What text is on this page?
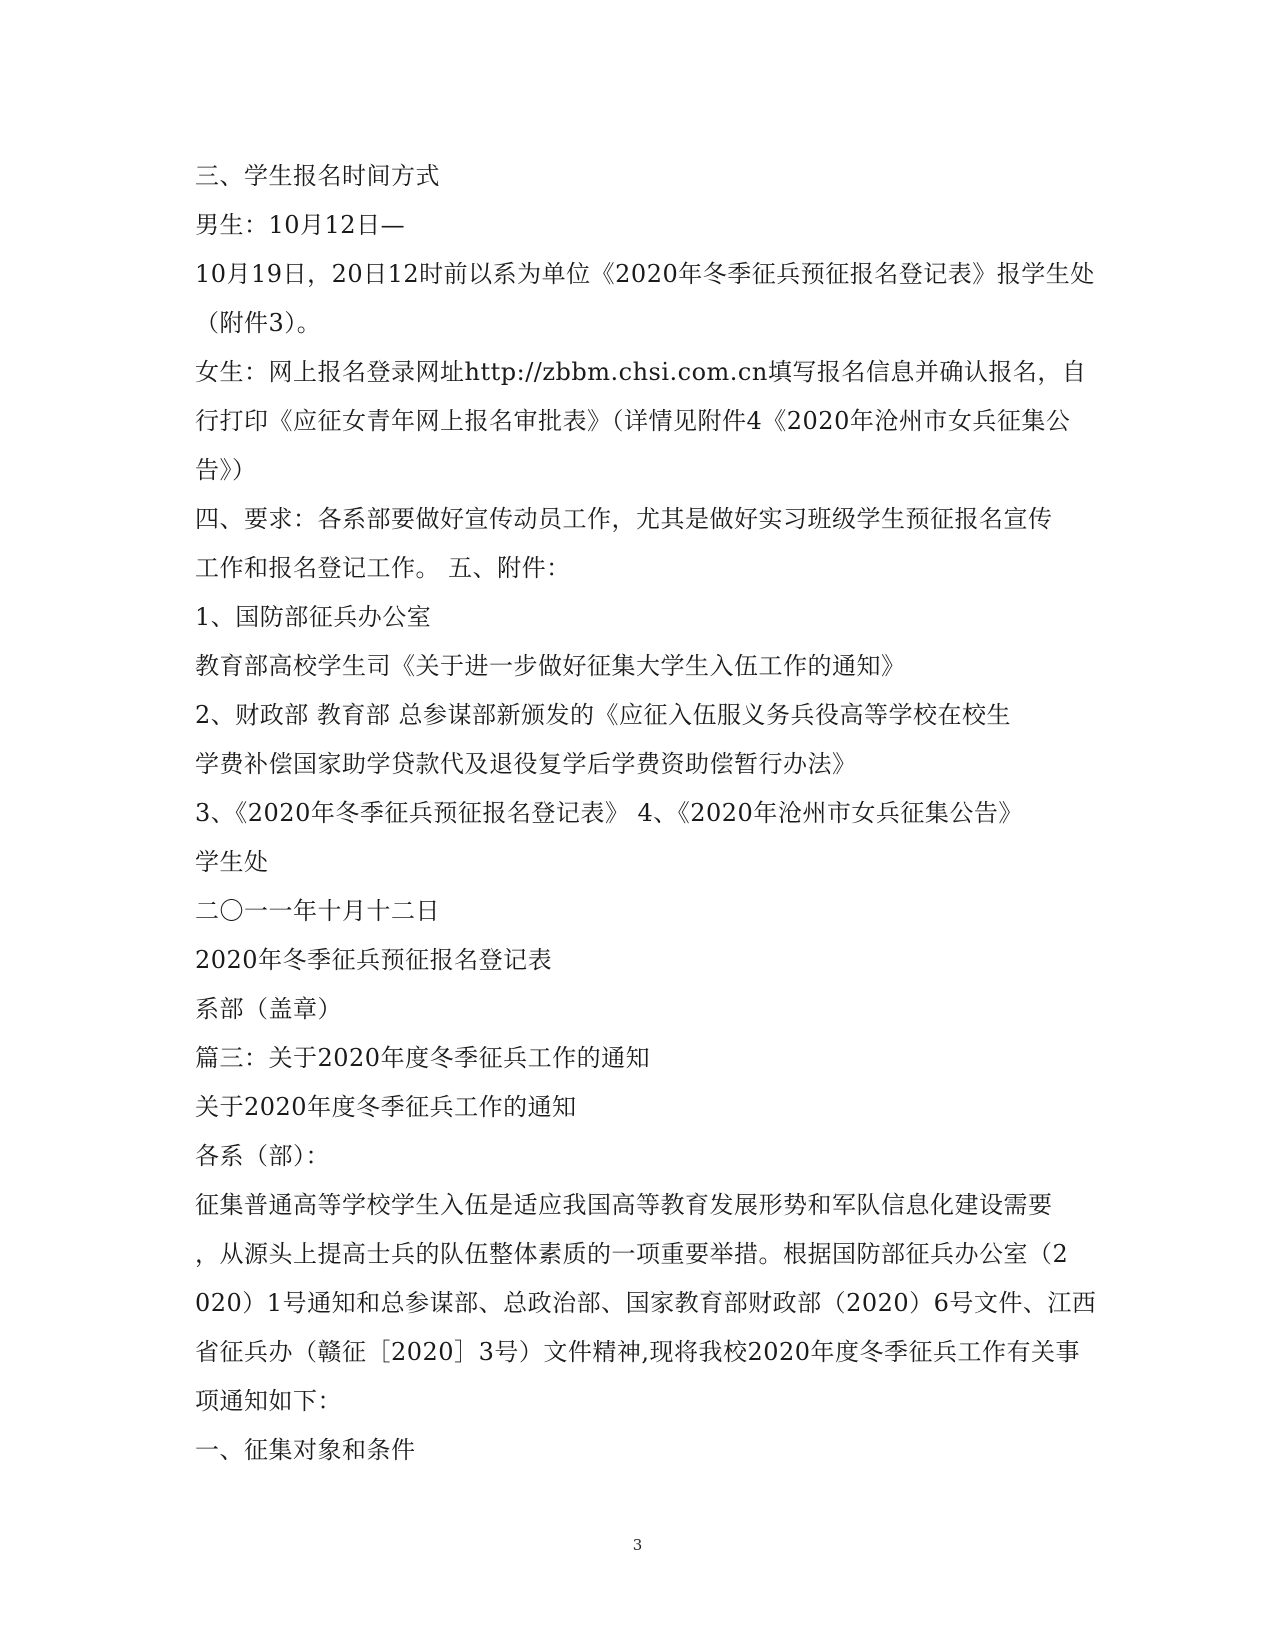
三、学生报名时间方式
男生：10月12日—
10月19日，20日12时前以系为单位《2020年冬季征兵预征报名登记表》报学生处
（附件3）。
女生：网上报名登录网址http://zbbm.chsi.com.cn填写报名信息并确认报名，自
行打印《应征女青年网上报名审批表》（详情见附件4《2020年沧州市女兵征集公
告》）
四、要求：各系部要做好宣传动员工作，尤其是做好实习班级学生预征报名宣传
工作和报名登记工作。 五、附件：
1、国防部征兵办公室
教育部高校学生司《关于进一步做好征集大学生入伍工作的通知》
2、财政部 教育部 总参谋部新颁发的《应征入伍服义务兵役高等学校在校生
学费补偿国家助学贷款代及退役复学后学费资助偿暂行办法》
3、《2020年冬季征兵预征报名登记表》 4、《2020年沧州市女兵征集公告》
学生处
二〇一一年十月十二日
2020年冬季征兵预征报名登记表
系部（盖章）
篇三：关于2020年度冬季征兵工作的通知
关于2020年度冬季征兵工作的通知
各系（部）：
征集普通高等学校学生入伍是适应我国高等教育发展形势和军队信息化建设需要
，从源头上提高士兵的队伍整体素质的一项重要举措。根据国防部征兵办公室（2
020）1号通知和总参谋部、总政治部、国家教育部财政部（2020）6号文件、江西
省征兵办（赣征［2020］3号）文件精神,现将我校2020年度冬季征兵工作有关事
项通知如下：
一、征集对象和条件
3
